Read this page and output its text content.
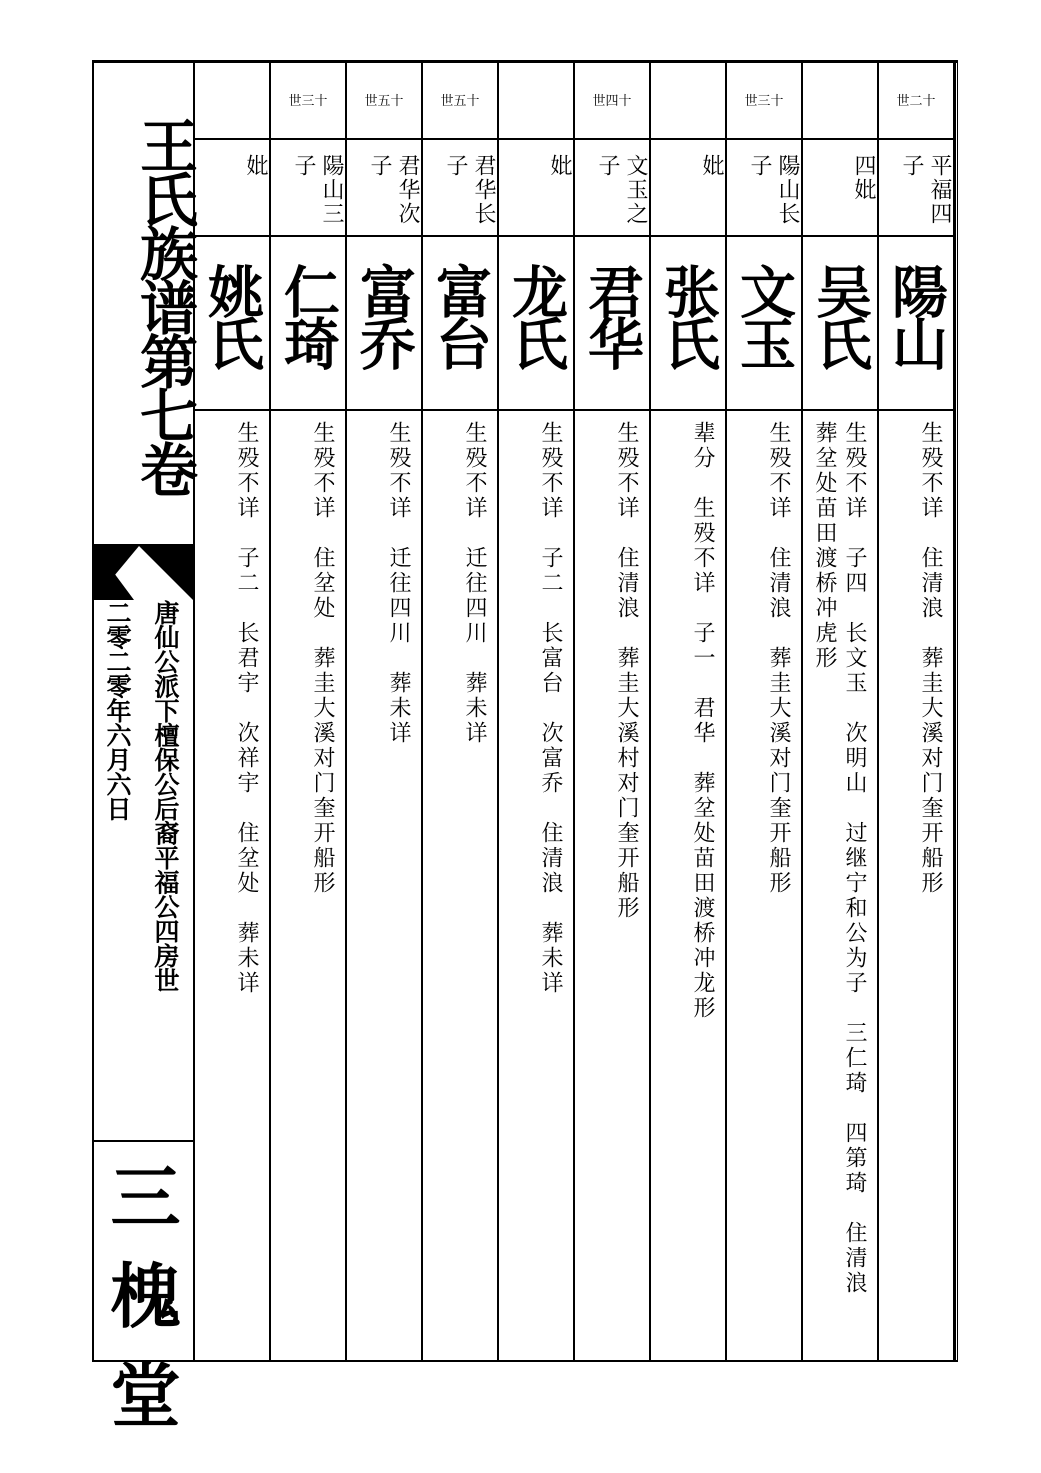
王氏族谱第七卷
唐仙公派下檀保公后裔平福公四房世
二零二零年六月六日
三槐堂
妣
姚氏
生殁不详　子二　长君宇　次祥宇　住坌处　葬未详
世三十
陽山三子
仁琦
生殁不详　住坌处　葬圭大溪对门奎开船形
世五十
君华次子
富乔
生殁不详　迁往四川　葬未详
世五十
君华长子
富台
生殁不详　迁往四川　葬未详
妣
龙氏
生殁不详　子二　长富台　次富乔　住清浪　葬未详
世四十
文玉之子
君华
生殁不详　住清浪　葬圭大溪村对门奎开船形
妣
张氏
辈分　生殁不详　子一　君华　葬坌处苗田渡桥冲龙形
世三十
陽山长子
文玉
生殁不详　住清浪　葬圭大溪对门奎开船形
四妣
吴氏
生殁不详　子四　长文玉　次明山　过继宁和公为子　三仁琦　四第琦　住清浪　葬坌处苗田渡桥冲虎形
世二十
平福四子
陽山
生殁不详　住清浪　葬圭大溪对门奎开船形
